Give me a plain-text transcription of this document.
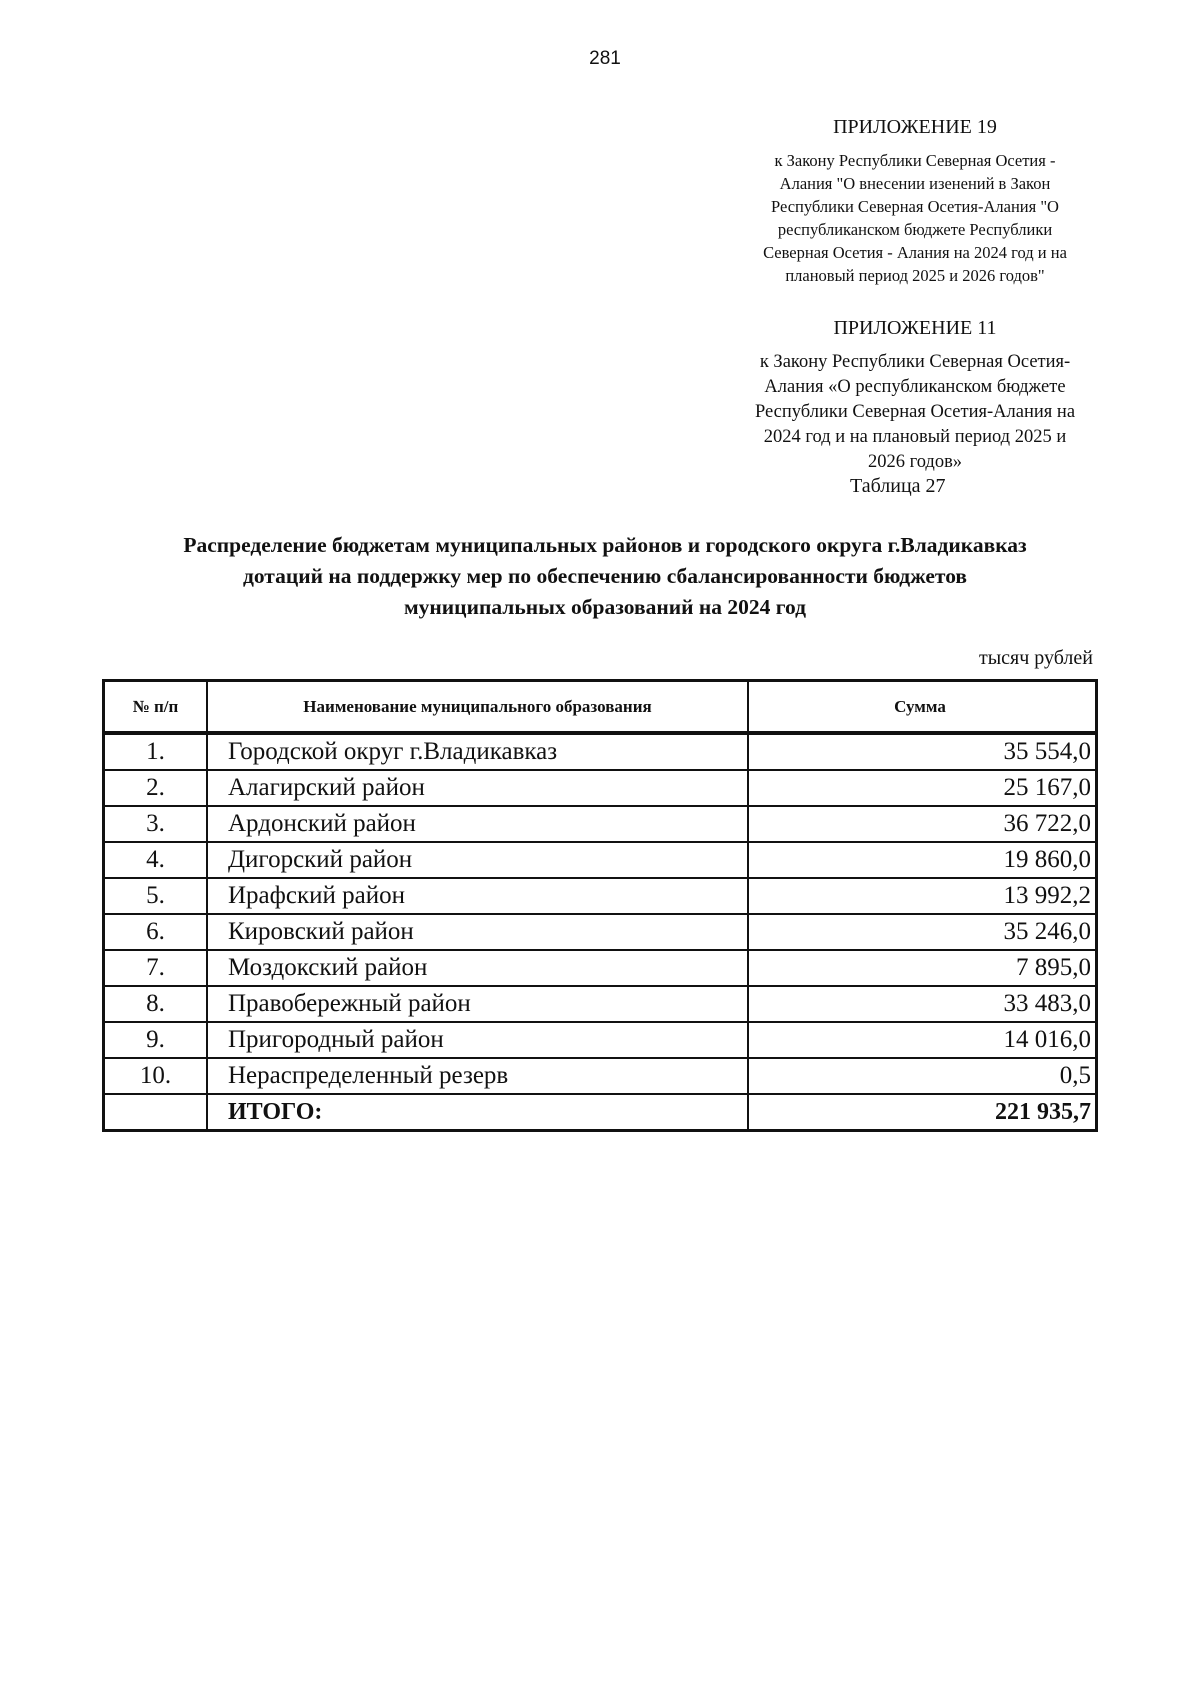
281
ПРИЛОЖЕНИЕ 19
к Закону Республики Северная Осетия -
Алания "О внесении изенений в Закон
Республики Северная Осетия-Алания "О
республиканском бюджете Республики
Северная Осетия - Алания на 2024 год и на
плановый период 2025 и 2026 годов"
ПРИЛОЖЕНИЕ 11
к Закону Республики Северная Осетия-
Алания «О республиканском бюджете
Республики Северная Осетия-Алания на
2024 год и на плановый период 2025 и
2026 годов»
Таблица 27
Распределение бюджетам муниципальных районов и городского округа г.Владикавказ
дотаций на поддержку мер по обеспечению сбалансированности бюджетов
муниципальных образований на 2024 год
тысяч рублей
№ п/п	Наименование муниципального образования	Сумма
1.	Городской округ г.Владикавказ	35 554,0
2.	Алагирский район	25 167,0
3.	Ардонский район	36 722,0
4.	Дигорский район	19 860,0
5.	Ирафский район	13 992,2
6.	Кировский район	35 246,0
7.	Моздокский район	7 895,0
8.	Правобережный район	33 483,0
9.	Пригородный район	14 016,0
10.	Нераспределенный резерв	0,5
	ИТОГО:	221 935,7
